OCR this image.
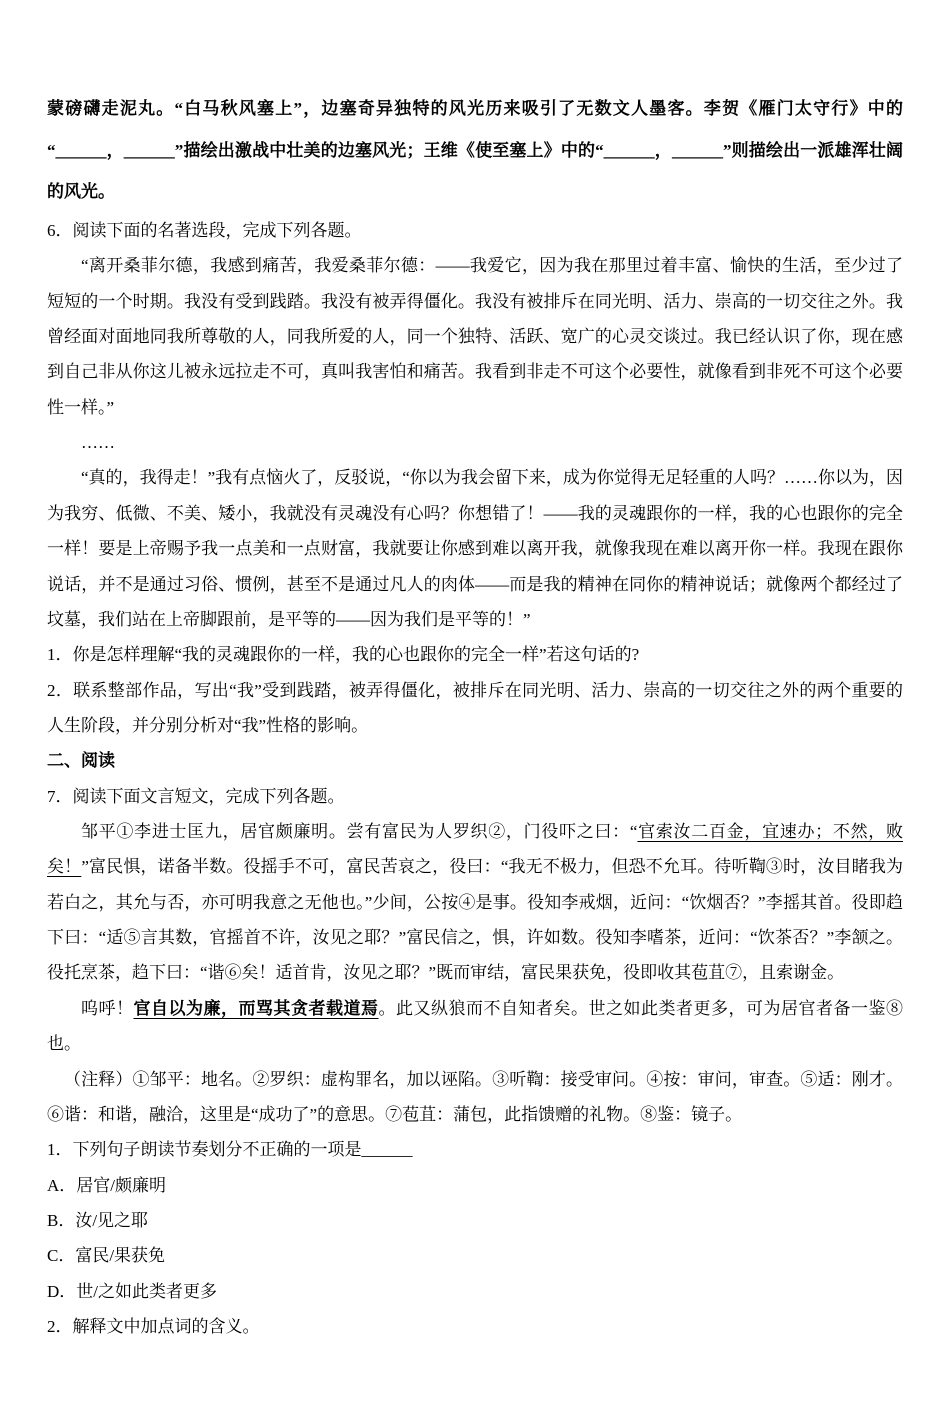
蒙磅礴走泥丸。“白马秋风塞上”，边塞奇异独特的风光历来吸引了无数文人墨客。李贺《雁门太守行》中的“______，______”描绘出激战中壮美的边塞风光；王维《使至塞上》中的“______，______”则描绘出一派雄浑壮阔的风光。

6．阅读下面的名著选段，完成下列各题。

“离开桑菲尔德，我感到痛苦，我爱桑菲尔德：——我爱它，因为我在那里过着丰富、愉快的生活，至少过了短短的一个时期。我没有受到践踏。我没有被弄得僵化。我没有被排斥在同光明、活力、崇高的一切交往之外。我曾经面对面地同我所尊敬的人，同我所爱的人，同一个独特、活跃、宽广的心灵交谈过。我已经认识了你，现在感到自己非从你这儿被永远拉走不可，真叫我害怕和痛苦。我看到非走不可这个必要性，就像看到非死不可这个必要性一样。”

……

“真的，我得走！”我有点恼火了，反驳说，“你以为我会留下来，成为你觉得无足轻重的人吗？……你以为，因为我穷、低微、不美、矮小，我就没有灵魂没有心吗？你想错了！——我的灵魂跟你的一样，我的心也跟你的完全一样！要是上帝赐予我一点美和一点财富，我就要让你感到难以离开我，就像我现在难以离开你一样。我现在跟你说话，并不是通过习俗、惯例，甚至不是通过凡人的肉体——而是我的精神在同你的精神说话；就像两个都经过了坟墓，我们站在上帝脚跟前，是平等的——因为我们是平等的！”

1．你是怎样理解“我的灵魂跟你的一样，我的心也跟你的完全一样”若这句话的?

2．联系整部作品，写出“我”受到践踏，被弄得僵化，被排斥在同光明、活力、崇高的一切交往之外的两个重要的人生阶段，并分别分析对“我”性格的影响。

二、阅读

7．阅读下面文言短文，完成下列各题。

邹平①李进士匡九，居官颇廉明。尝有富民为人罗织②，门役吓之曰：“官索汝二百金，宜速办；不然，败矣！”富民惧，诺备半数。役摇手不可，富民苦哀之，役曰：“我无不极力，但恐不允耳。待听鞫③时，汝目睹我为若白之，其允与否，亦可明我意之无他也。”少间，公按④是事。役知李戒烟，近问：“饮烟否？”李摇其首。役即趋下曰：“适⑤言其数，官摇首不许，汝见之耶？”富民信之，惧，许如数。役知李嗜茶，近问：“饮茶否？”李颔之。役托烹茶，趋下曰：“谐⑥矣！适首肯，汝见之耶？”既而审结，富民果获免，役即收其苞苴⑦，且索谢金。

呜呼！官自以为廉，而骂其贪者载道焉。此又纵狼而不自知者矣。世之如此类者更多，可为居官者备一鉴⑧也。

（注释）①邹平：地名。②罗织：虚构罪名，加以诬陷。③听鞫：接受审问。④按：审问，审查。⑤适：刚才。⑥谐：和谐，融洽，这里是“成功了”的意思。⑦苞苴：蒲包，此指馈赠的礼物。⑧鉴：镜子。

1．下列句子朗读节奏划分不正确的一项是______

A．居官/颇廉明

B．汝/见之耶

C．富民/果获免

D．世/之如此类者更多

2．解释文中加点词的含义。
